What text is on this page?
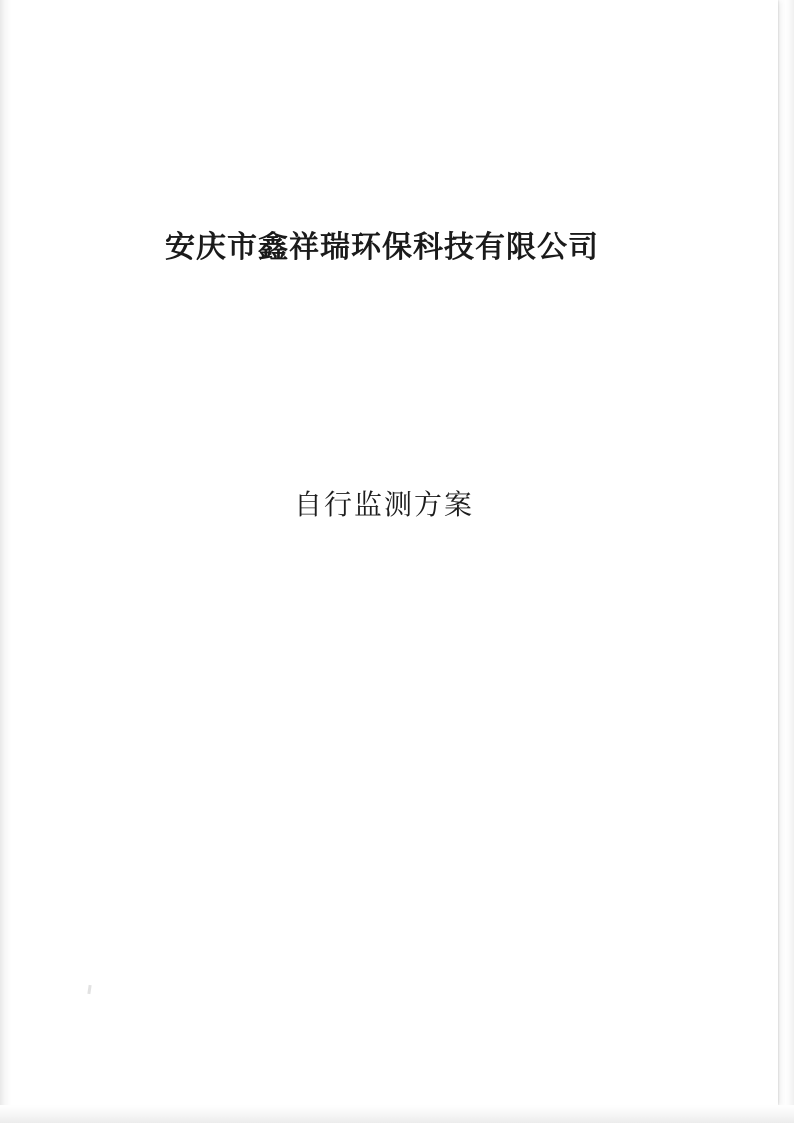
安庆市鑫祥瑞环保科技有限公司
自行监测方案
